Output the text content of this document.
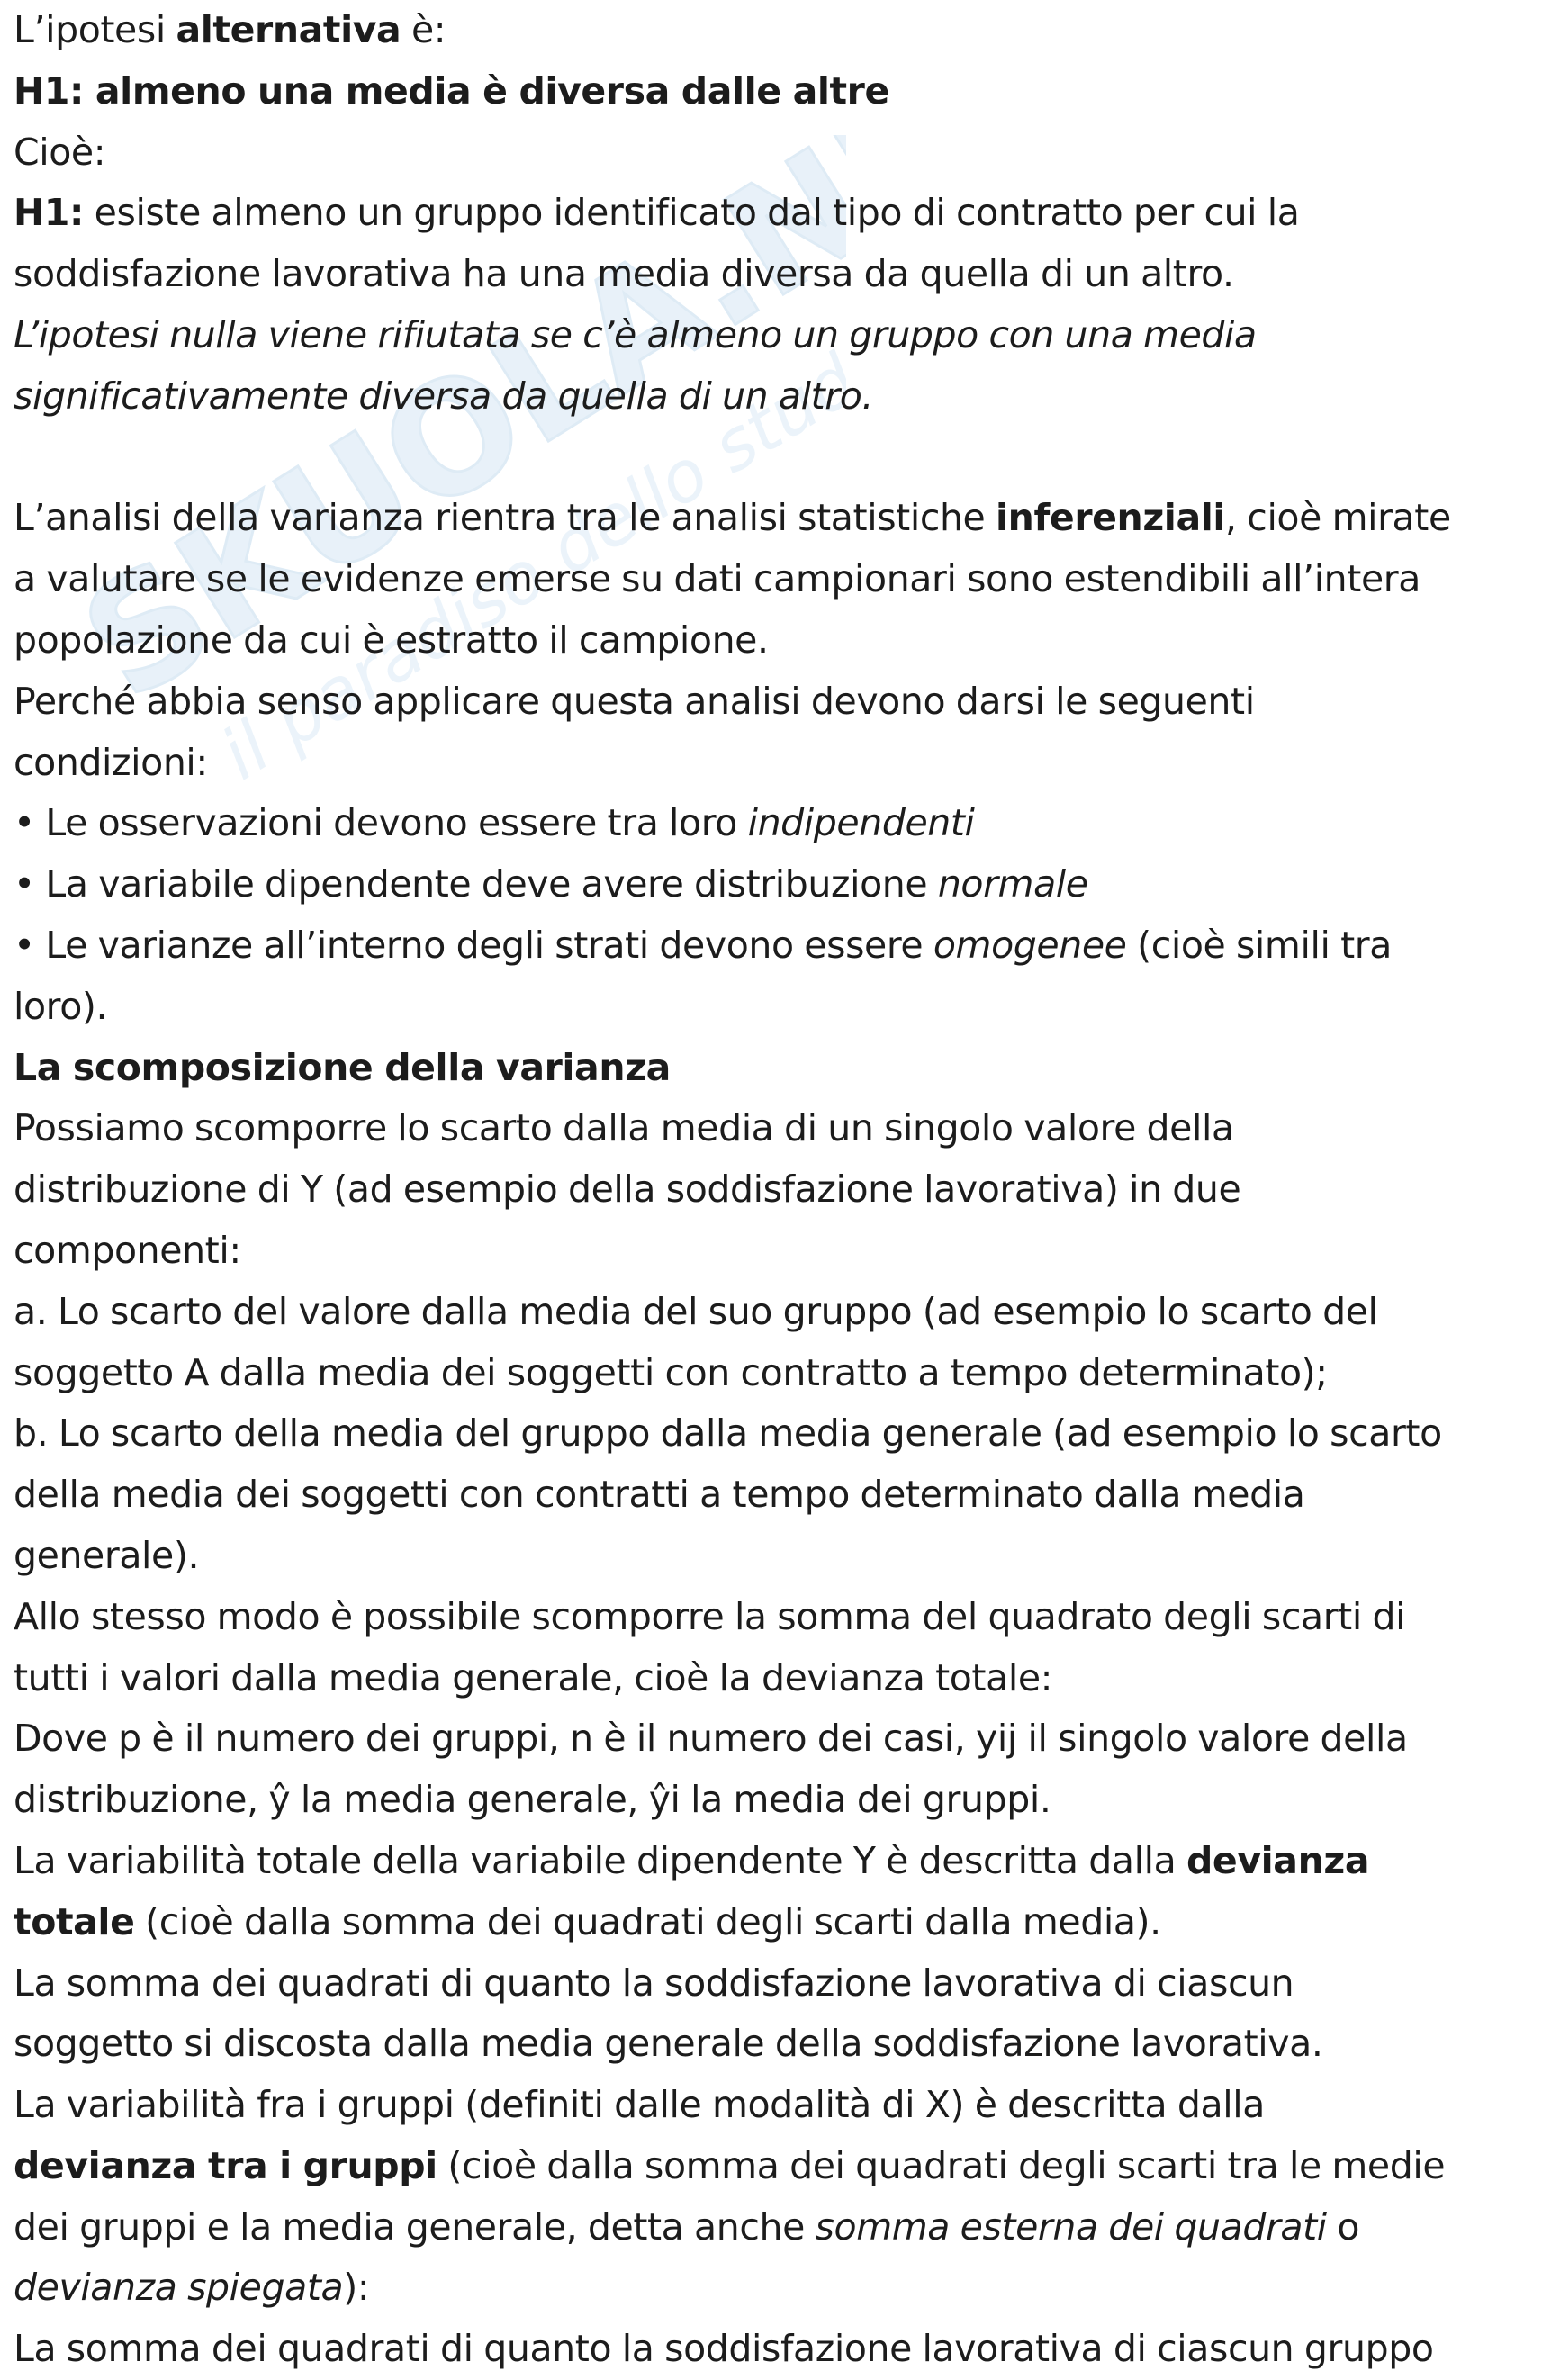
SKUOLA.NET
il paradiso dello studente
L’ipotesi alternativa è:
H1: almeno una media è diversa dalle altre
Cioè:
H1: esiste almeno un gruppo identificato dal tipo di contratto per cui la
soddisfazione lavorativa ha una media diversa da quella di un altro.
L’ipotesi nulla viene rifiutata se c’è almeno un gruppo con una media
significativamente diversa da quella di un altro.
L’analisi della varianza rientra tra le analisi statistiche inferenziali, cioè mirate
a valutare se le evidenze emerse su dati campionari sono estendibili all’intera
popolazione da cui è estratto il campione.
Perché abbia senso applicare questa analisi devono darsi le seguenti
condizioni:
• Le osservazioni devono essere tra loro indipendenti
• La variabile dipendente deve avere distribuzione normale
• Le varianze all’interno degli strati devono essere omogenee (cioè simili tra
loro).
La scomposizione della varianza
Possiamo scomporre lo scarto dalla media di un singolo valore della
distribuzione di Y (ad esempio della soddisfazione lavorativa) in due
componenti:
a. Lo scarto del valore dalla media del suo gruppo (ad esempio lo scarto del
soggetto A dalla media dei soggetti con contratto a tempo determinato);
b. Lo scarto della media del gruppo dalla media generale (ad esempio lo scarto
della media dei soggetti con contratti a tempo determinato dalla media
generale).
Allo stesso modo è possibile scomporre la somma del quadrato degli scarti di
tutti i valori dalla media generale, cioè la devianza totale:
Dove p è il numero dei gruppi, n è il numero dei casi, yij il singolo valore della
distribuzione, ŷ la media generale, ŷi la media dei gruppi.
La variabilità totale della variabile dipendente Y è descritta dalla devianza
totale (cioè dalla somma dei quadrati degli scarti dalla media).
La somma dei quadrati di quanto la soddisfazione lavorativa di ciascun
soggetto si discosta dalla media generale della soddisfazione lavorativa.
La variabilità fra i gruppi (definiti dalle modalità di X) è descritta dalla
devianza tra i gruppi (cioè dalla somma dei quadrati degli scarti tra le medie
dei gruppi e la media generale, detta anche somma esterna dei quadrati o
devianza spiegata):
La somma dei quadrati di quanto la soddisfazione lavorativa di ciascun gruppo
